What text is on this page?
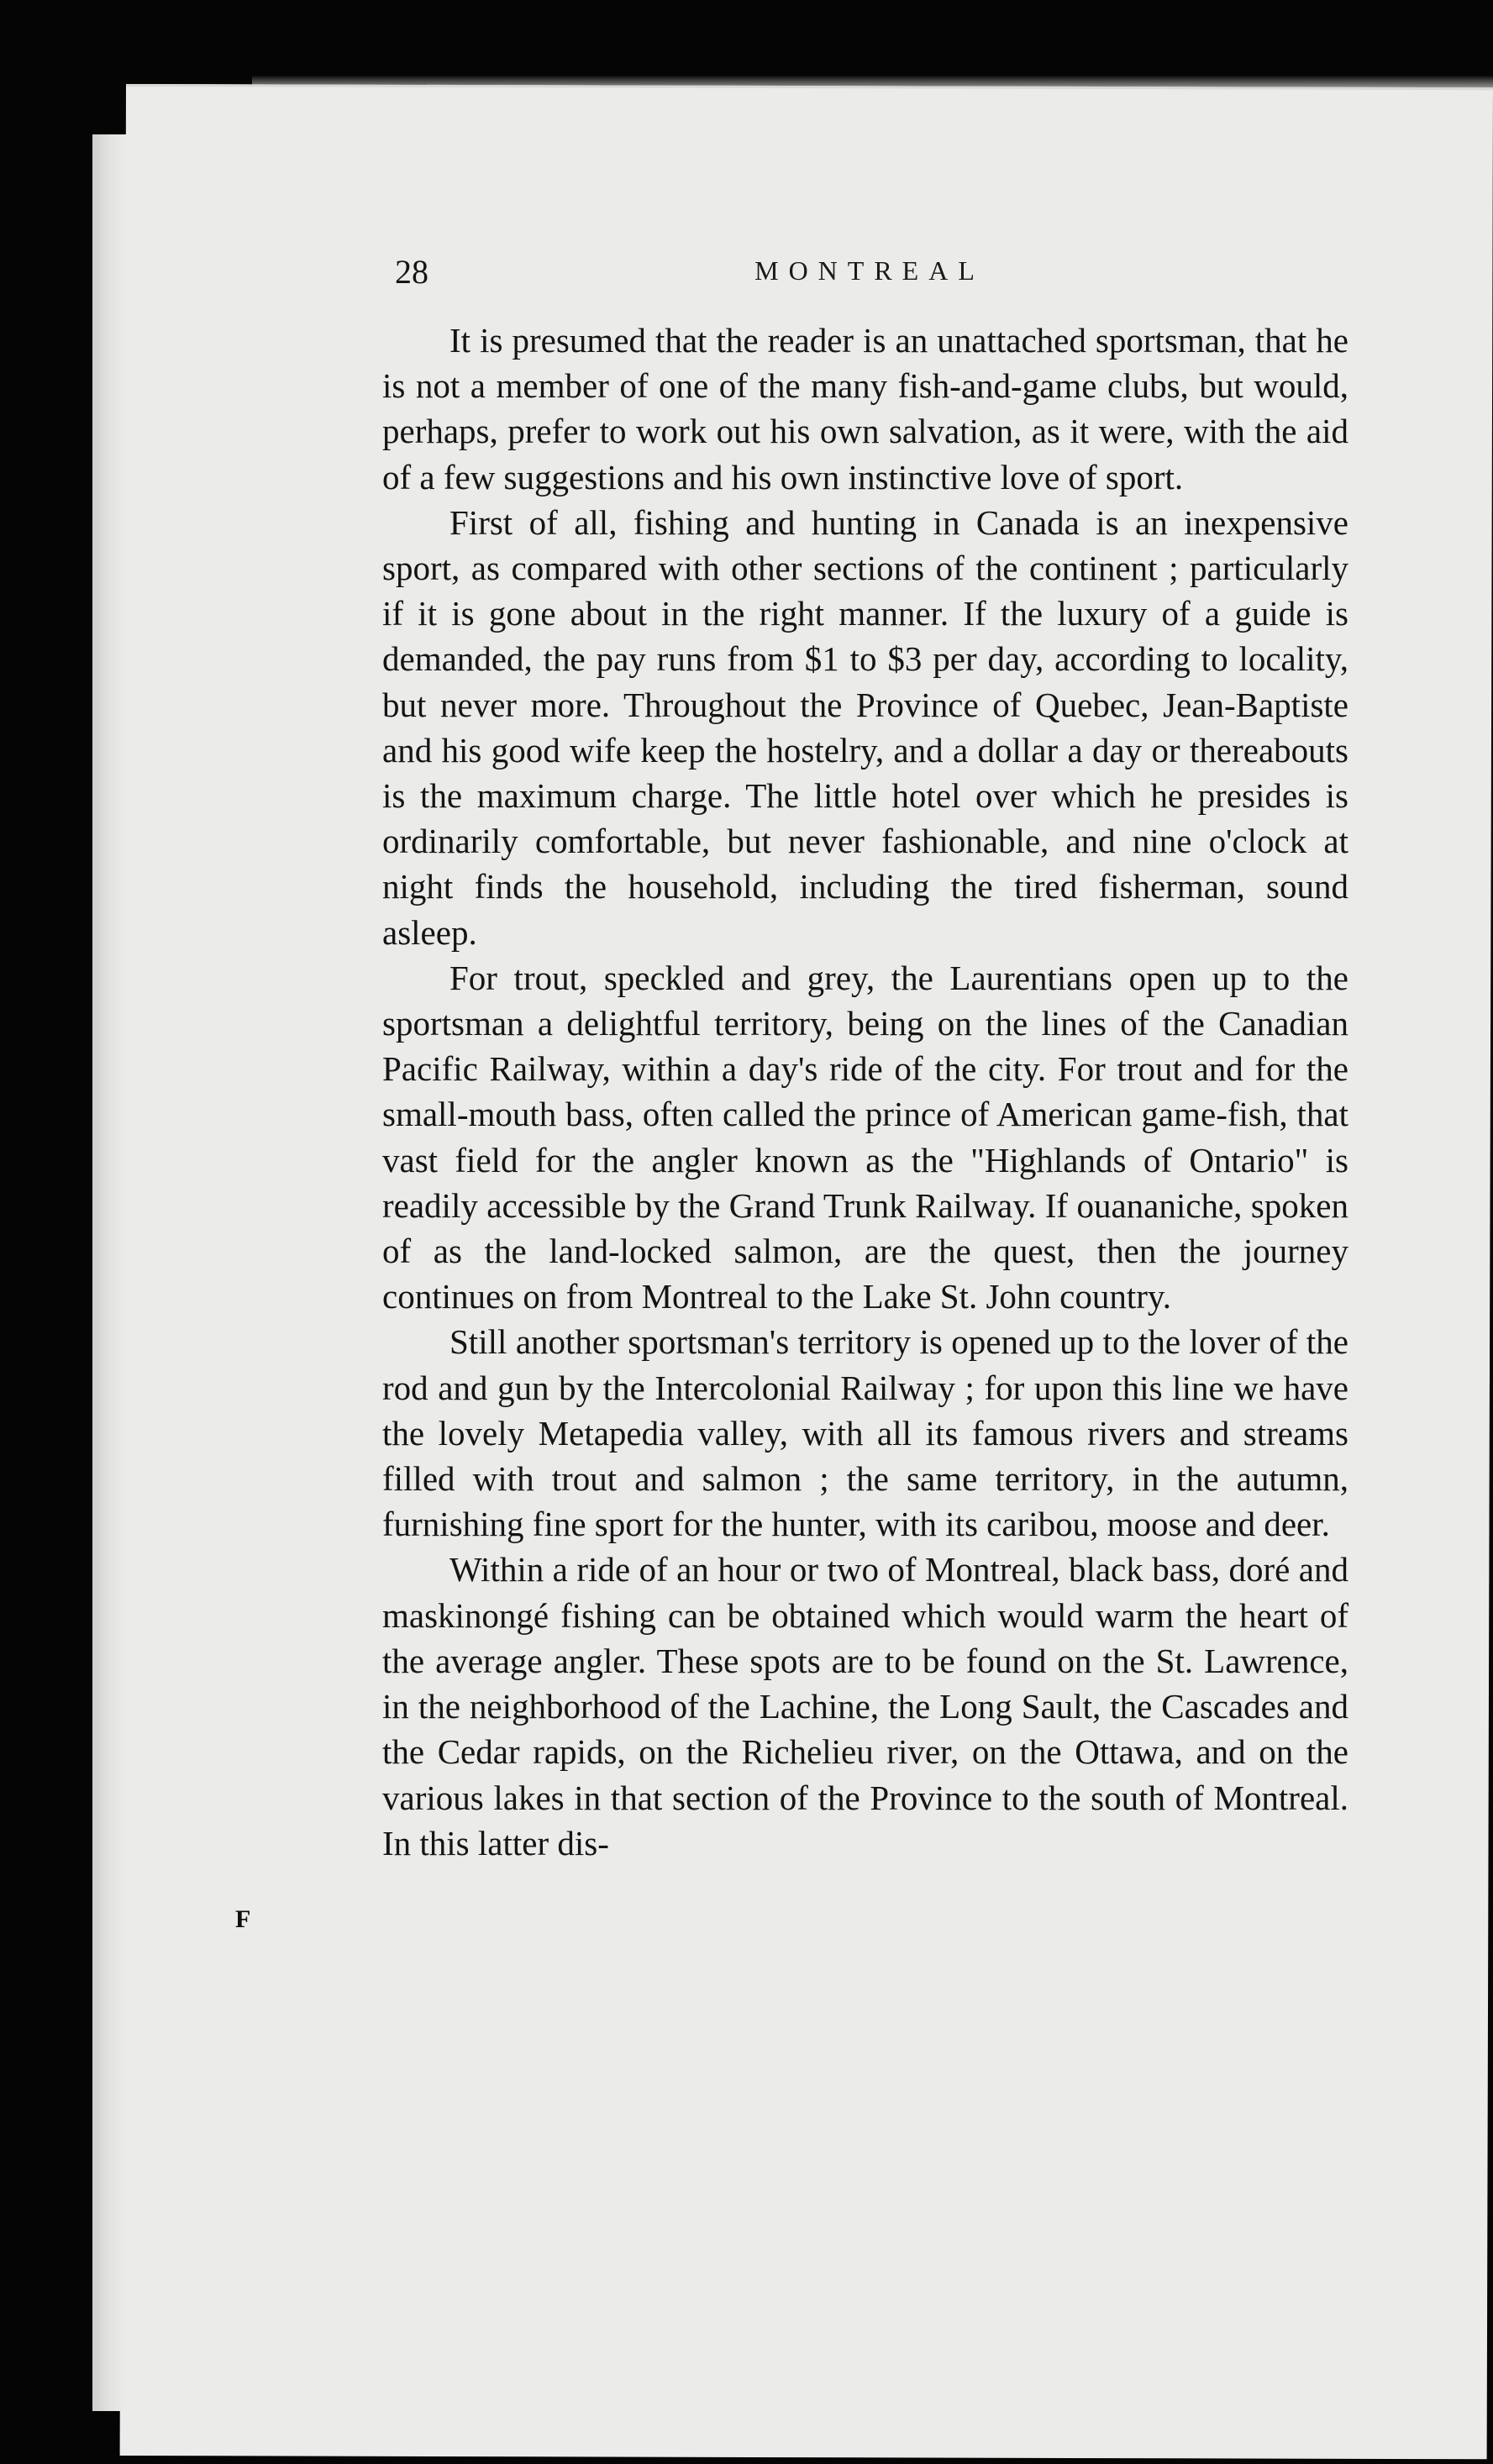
28	MONTREAL

It is presumed that the reader is an unattached sportsman, that he is not a member of one of the many fish-and-game clubs, but would, perhaps, prefer to work out his own salvation, as it were, with the aid of a few suggestions and his own instinctive love of sport.

First of all, fishing and hunting in Canada is an inexpensive sport, as compared with other sections of the continent ; particularly if it is gone about in the right manner. If the luxury of a guide is demanded, the pay runs from $1 to $3 per day, according to locality, but never more. Throughout the Province of Quebec, Jean-Baptiste and his good wife keep the hostelry, and a dollar a day or thereabouts is the maximum charge. The little hotel over which he presides is ordinarily comfortable, but never fashionable, and nine o'clock at night finds the household, including the tired fisherman, sound asleep.

For trout, speckled and grey, the Laurentians open up to the sportsman a delightful territory, being on the lines of the Canadian Pacific Railway, within a day's ride of the city. For trout and for the small-mouth bass, often called the prince of American game-fish, that vast field for the angler known as the "Highlands of Ontario" is readily accessible by the Grand Trunk Railway. If ouananiche, spoken of as the land-locked salmon, are the quest, then the journey continues on from Montreal to the Lake St. John country.

Still another sportsman's territory is opened up to the lover of the rod and gun by the Intercolonial Railway ; for upon this line we have the lovely Metapedia valley, with all its famous rivers and streams filled with trout and salmon ; the same territory, in the autumn, furnishing fine sport for the hunter, with its caribou, moose and deer.

Within a ride of an hour or two of Montreal, black bass, doré and maskinongé fishing can be obtained which would warm the heart of the average angler. These spots are to be found on the St. Lawrence, in the neighborhood of the Lachine, the Long Sault, the Cascades and the Cedar rapids, on the Richelieu river, on the Ottawa, and on the various lakes in that section of the Province to the south of Montreal. In this latter dis-

F
